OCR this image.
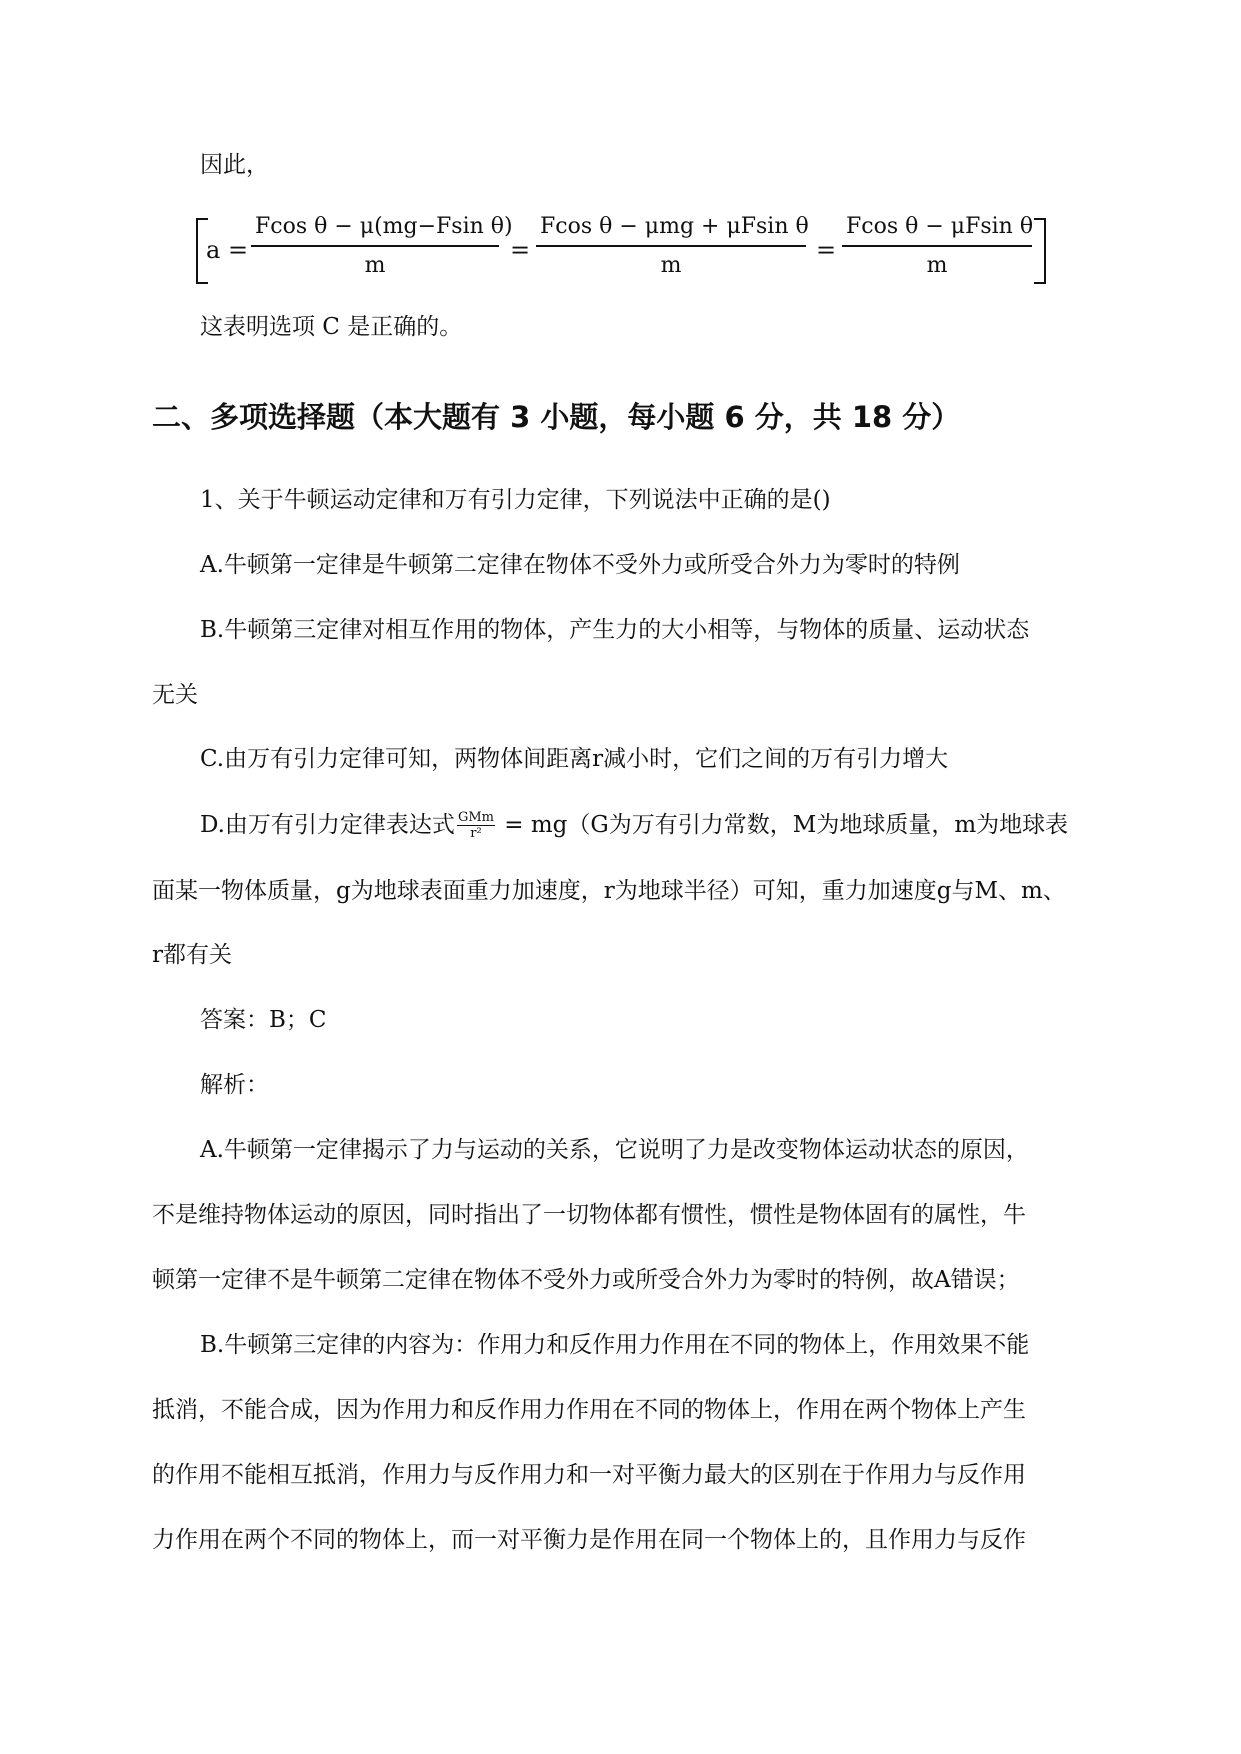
因此，
$a = \frac{\text{Fcos θ − μ(mg−Fsin θ)}}{m}$ =
Fcos θ − μmg + μFsin θ
m
= $\frac{\text{Fcos θ − μFsin θ}}{m}$
这表明选项 C 是正确的。
二、多项选择题（本大题有 3 小题，每小题 6 分，共 18 分）
1、关于牛顿运动定律和万有引力定律，下列说法中正确的是()
A.牛顿第一定律是牛顿第二定律在物体不受外力或所受合外力为零时的特例
B.牛顿第三定律对相互作用的物体，产生力的大小相等，与物体的质量、运动状态
无关
C.由万有引力定律可知，两物体间距离r减小时，它们之间的万有引力增大
D.由万有引力定律表达式 GMm
r² = mg（G为万有引力常数，M为地球质量，m为地球表
面某一物体质量，g为地球表面重力加速度，r为地球半径）可知，重力加速度g与M、m、
r都有关
答案：B；C
解析：
A.牛顿第一定律揭示了力与运动的关系，它说明了力是改变物体运动状态的原因，
不是维持物体运动的原因，同时指出了一切物体都有惯性，惯性是物体固有的属性，牛
顿第一定律不是牛顿第二定律在物体不受外力或所受合外力为零时的特例，故A错误；
B.牛顿第三定律的内容为：作用力和反作用力作用在不同的物体上，作用效果不能
抵消，不能合成，因为作用力和反作用力作用在不同的物体上，作用在两个物体上产生
的作用不能相互抵消，作用力与反作用力和一对平衡力最大的区别在于作用力与反作用
力作用在两个不同的物体上，而一对平衡力是作用在同一个物体上的，且作用力与反作
